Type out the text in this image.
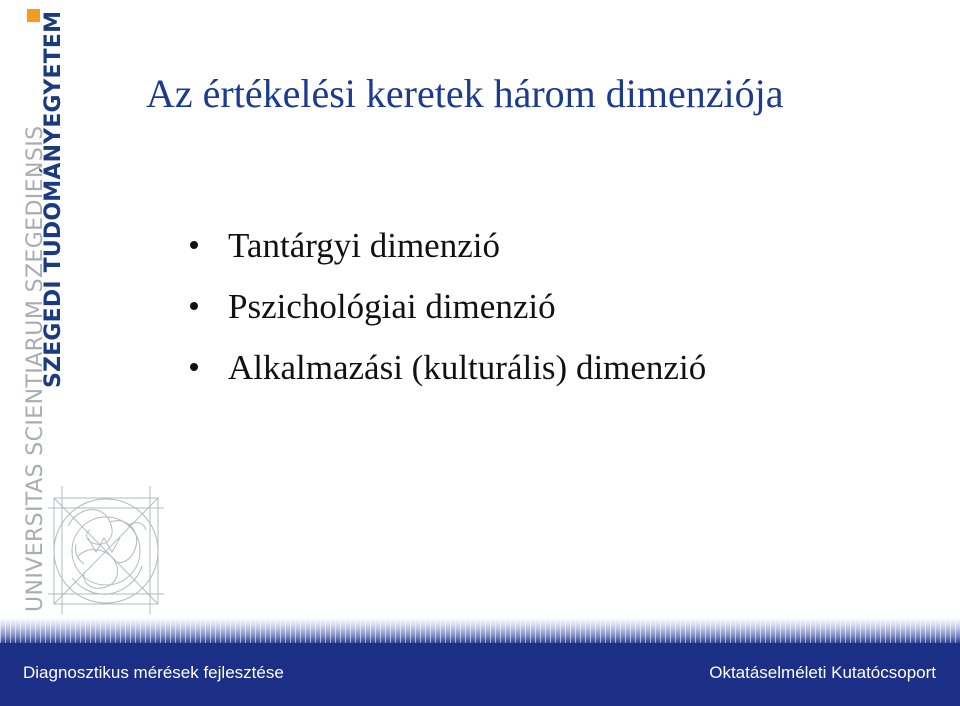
SZEGEDI TUDOMÁNYEGYETEM
UNIVERSITAS SCIENTIARUM SZEGEDIENSIS
Az értékelési keretek három dimenziója
Tantárgyi dimenzió
Pszichológiai dimenzió
Alkalmazási (kulturális) dimenzió
Diagnosztikus mérések fejlesztése	Oktatáselméleti Kutatócsoport
